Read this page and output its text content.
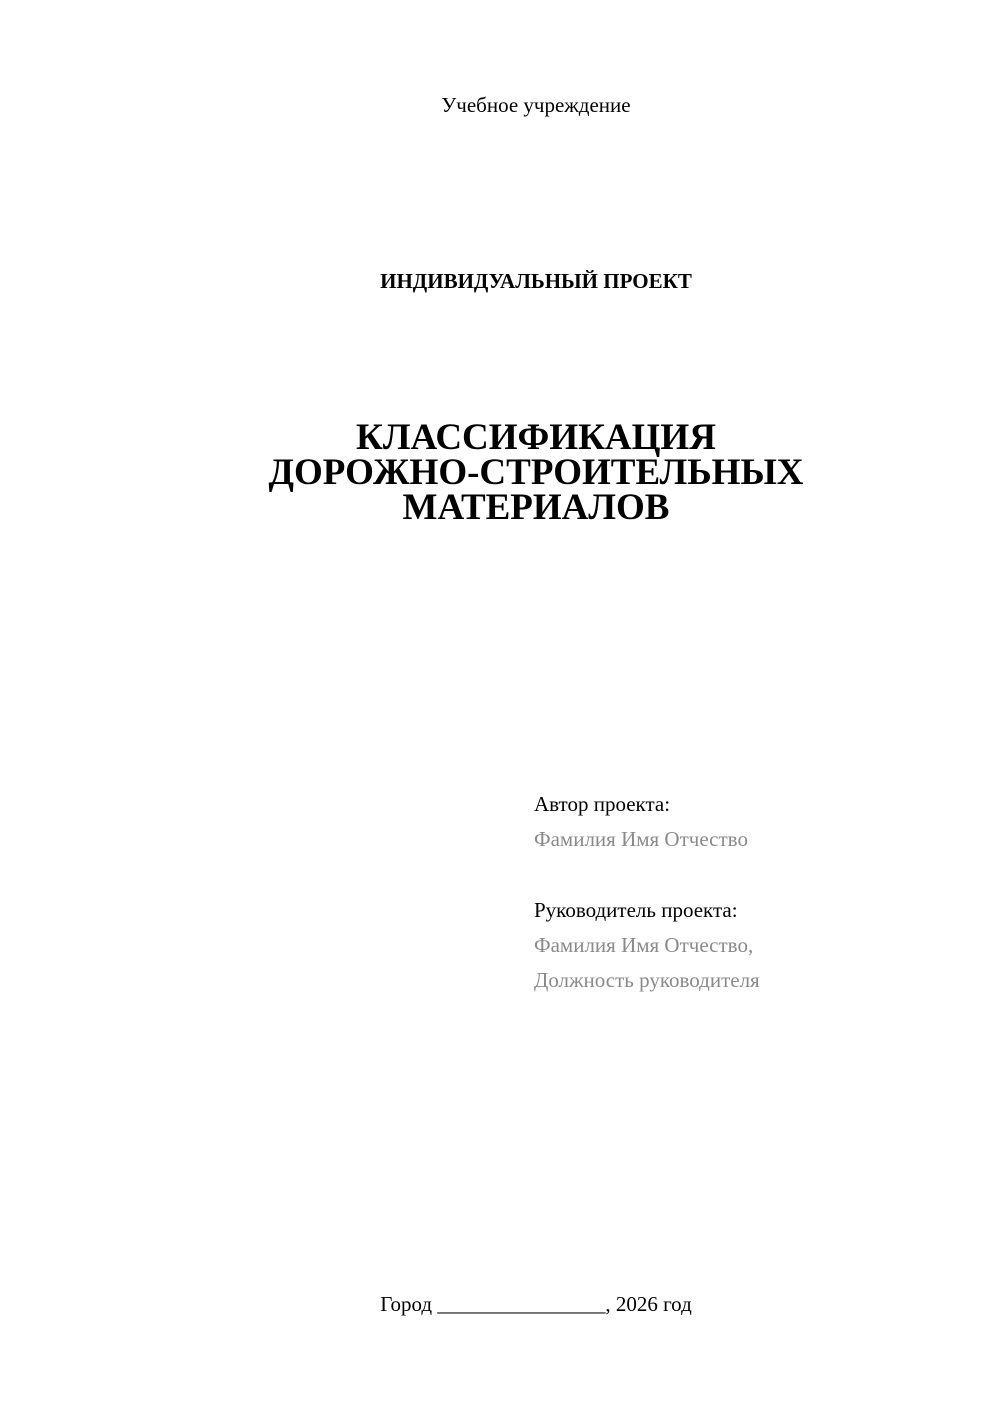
Учебное учреждение
ИНДИВИДУАЛЬНЫЙ ПРОЕКТ
КЛАССИФИКАЦИЯ
ДОРОЖНО-СТРОИТЕЛЬНЫХ
МАТЕРИАЛОВ
Автор проекта:
Фамилия Имя Отчество
Руководитель проекта:
Фамилия Имя Отчество,
Должность руководителя
Город ________________, 2026 год
